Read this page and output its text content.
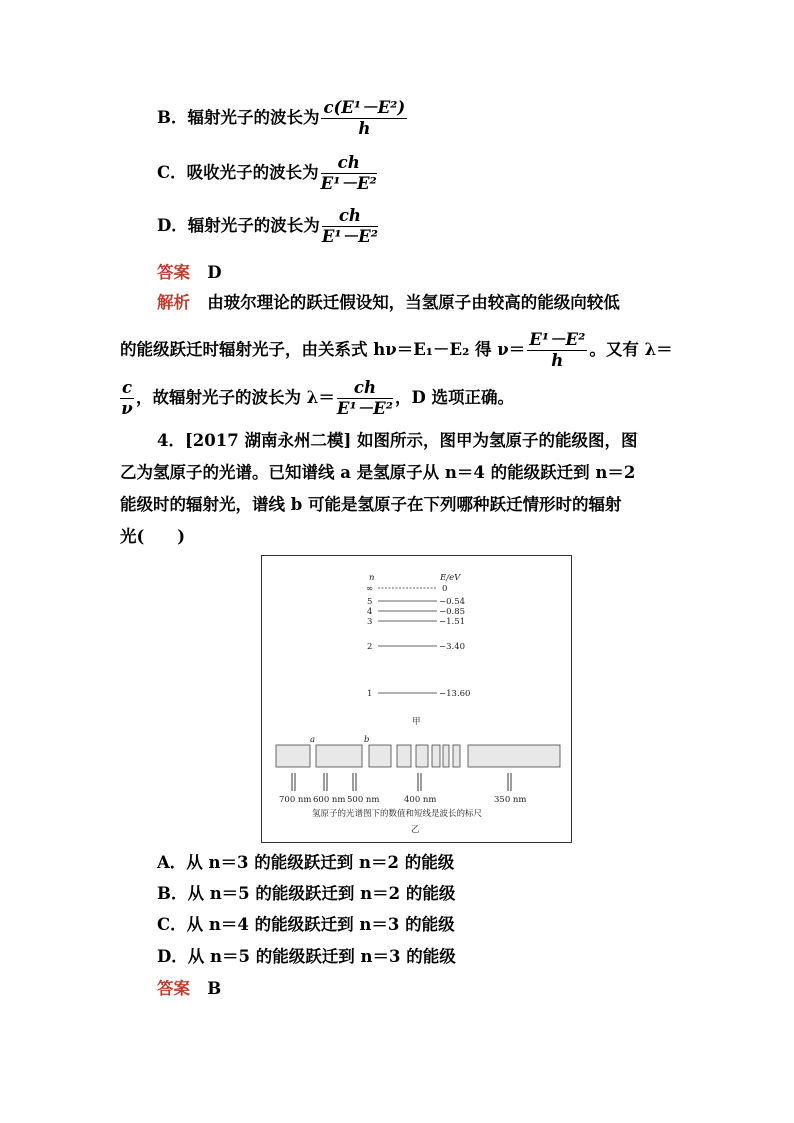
B．辐射光子的波长为 $\frac{\text{c(E¹－E²)}}{h}$
C．吸收光子的波长为 $\frac{ch}{\text{E¹－E²}}$
D．辐射光子的波长为 $\frac{ch}{\text{E¹－E²}}$
答案 D
解析 由玻尔理论的跃迁假设知，当氢原子由较高的能级向较低
的能级跃迁时辐射光子，由关系式 hν＝E₁－E₂ 得 $\nu= \frac{\text{E¹－E²}}{h}$ 。又有 λ＝
$\frac{c}{\nu}$ ，故辐射光子的波长为 $\lambda= \frac{ch}{\text{E¹－E²}}$ ，D 选项正确。
4．[2017 湖南永州二模] 如图所示，图甲为氢原子的能级图，图
乙为氢原子的光谱。已知谱线 a 是氢原子从 n＝4 的能级跃迁到 n＝2
能级时的辐射光，谱线 b 可能是氢原子在下列哪种跃迁情形时的辐射
光(　　)
n	E/eV
∞	0
5	−0.54
4	−0.85
3	−1.51
2	−3.40
1	−13.60
甲
a	b
700 nm 600 nm 500 nm	400 nm	350 nm
氢原子的光谱图下的数值和短线是波长的标尺
乙
A．从 n＝3 的能级跃迁到 n＝2 的能级
B．从 n＝5 的能级跃迁到 n＝2 的能级
C．从 n＝4 的能级跃迁到 n＝3 的能级
D．从 n＝5 的能级跃迁到 n＝3 的能级
答案 B
